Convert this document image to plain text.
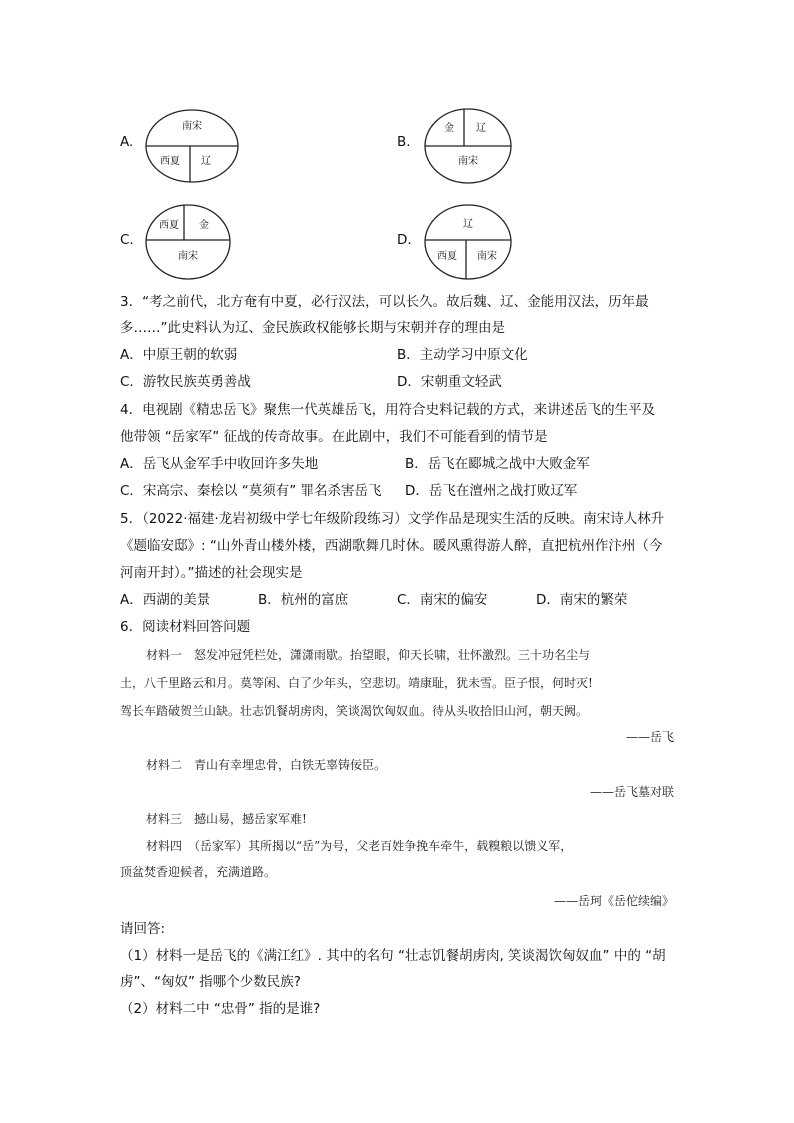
A.
南宋
西夏 辽
B.
金 辽
南宋
C.
西夏 金
南宋
D.
辽
西夏 南宋
3．“考之前代，北方奄有中夏，必行汉法，可以长久。故后魏、辽、金能用汉法，历年最
多……”此史料认为辽、金民族政权能够长期与宋朝并存的理由是
A．中原王朝的软弱	B．主动学习中原文化
C．游牧民族英勇善战	D．宋朝重文轻武
4．电视剧《精忠岳飞》聚焦一代英雄岳飞，用符合史料记载的方式，来讲述岳飞的生平及
他带领 “岳家军” 征战的传奇故事。在此剧中，我们不可能看到的情节是
A．岳飞从金军手中收回许多失地	B．岳飞在郾城之战中大败金军
C．宋高宗、秦桧以 “莫须有” 罪名杀害岳飞 D．岳飞在澶州之战打败辽军
5．（2022·福建·龙岩初级中学七年级阶段练习）文学作品是现实生活的反映。南宋诗人林升
《题临安邸》: “山外青山楼外楼，西湖歌舞几时休。暖风熏得游人醉，直把杭州作汴州（今
河南开封）。”描述的社会现实是
A．西湖的美景	B．杭州的富庶	C．南宋的偏安	D．南宋的繁荣
6．阅读材料回答问题
材料一　怒发冲冠凭栏处，潇潇雨歇。抬望眼，仰天长啸，壮怀激烈。三十功名尘与
土，八千里路云和月。莫等闲、白了少年头，空悲切。靖康耻，犹未雪。臣子恨，何时灭!
驾长车踏破贺兰山缺。壮志饥餐胡虏肉，笑谈渴饮匈奴血。待从头收拾旧山河，朝天阙。
——岳飞
材料二　青山有幸埋忠骨，白铁无辜铸佞臣。
——岳飞墓对联
材料三　撼山易，撼岳家军难!
材料四　（岳家军）其所揭以“岳”为号，父老百姓争挽车牵牛，载糗粮以馈义军，
顶盆焚香迎候者，充满道路。
——岳珂《岳佗续编》
请回答:
（1）材料一是岳飞的《满江红》. 其中的名句 “壮志饥餐胡虏肉, 笑谈渴饮匈奴血” 中的 “胡
虏”、“匈奴” 指哪个少数民族?
（2）材料二中 “忠骨” 指的是谁?
